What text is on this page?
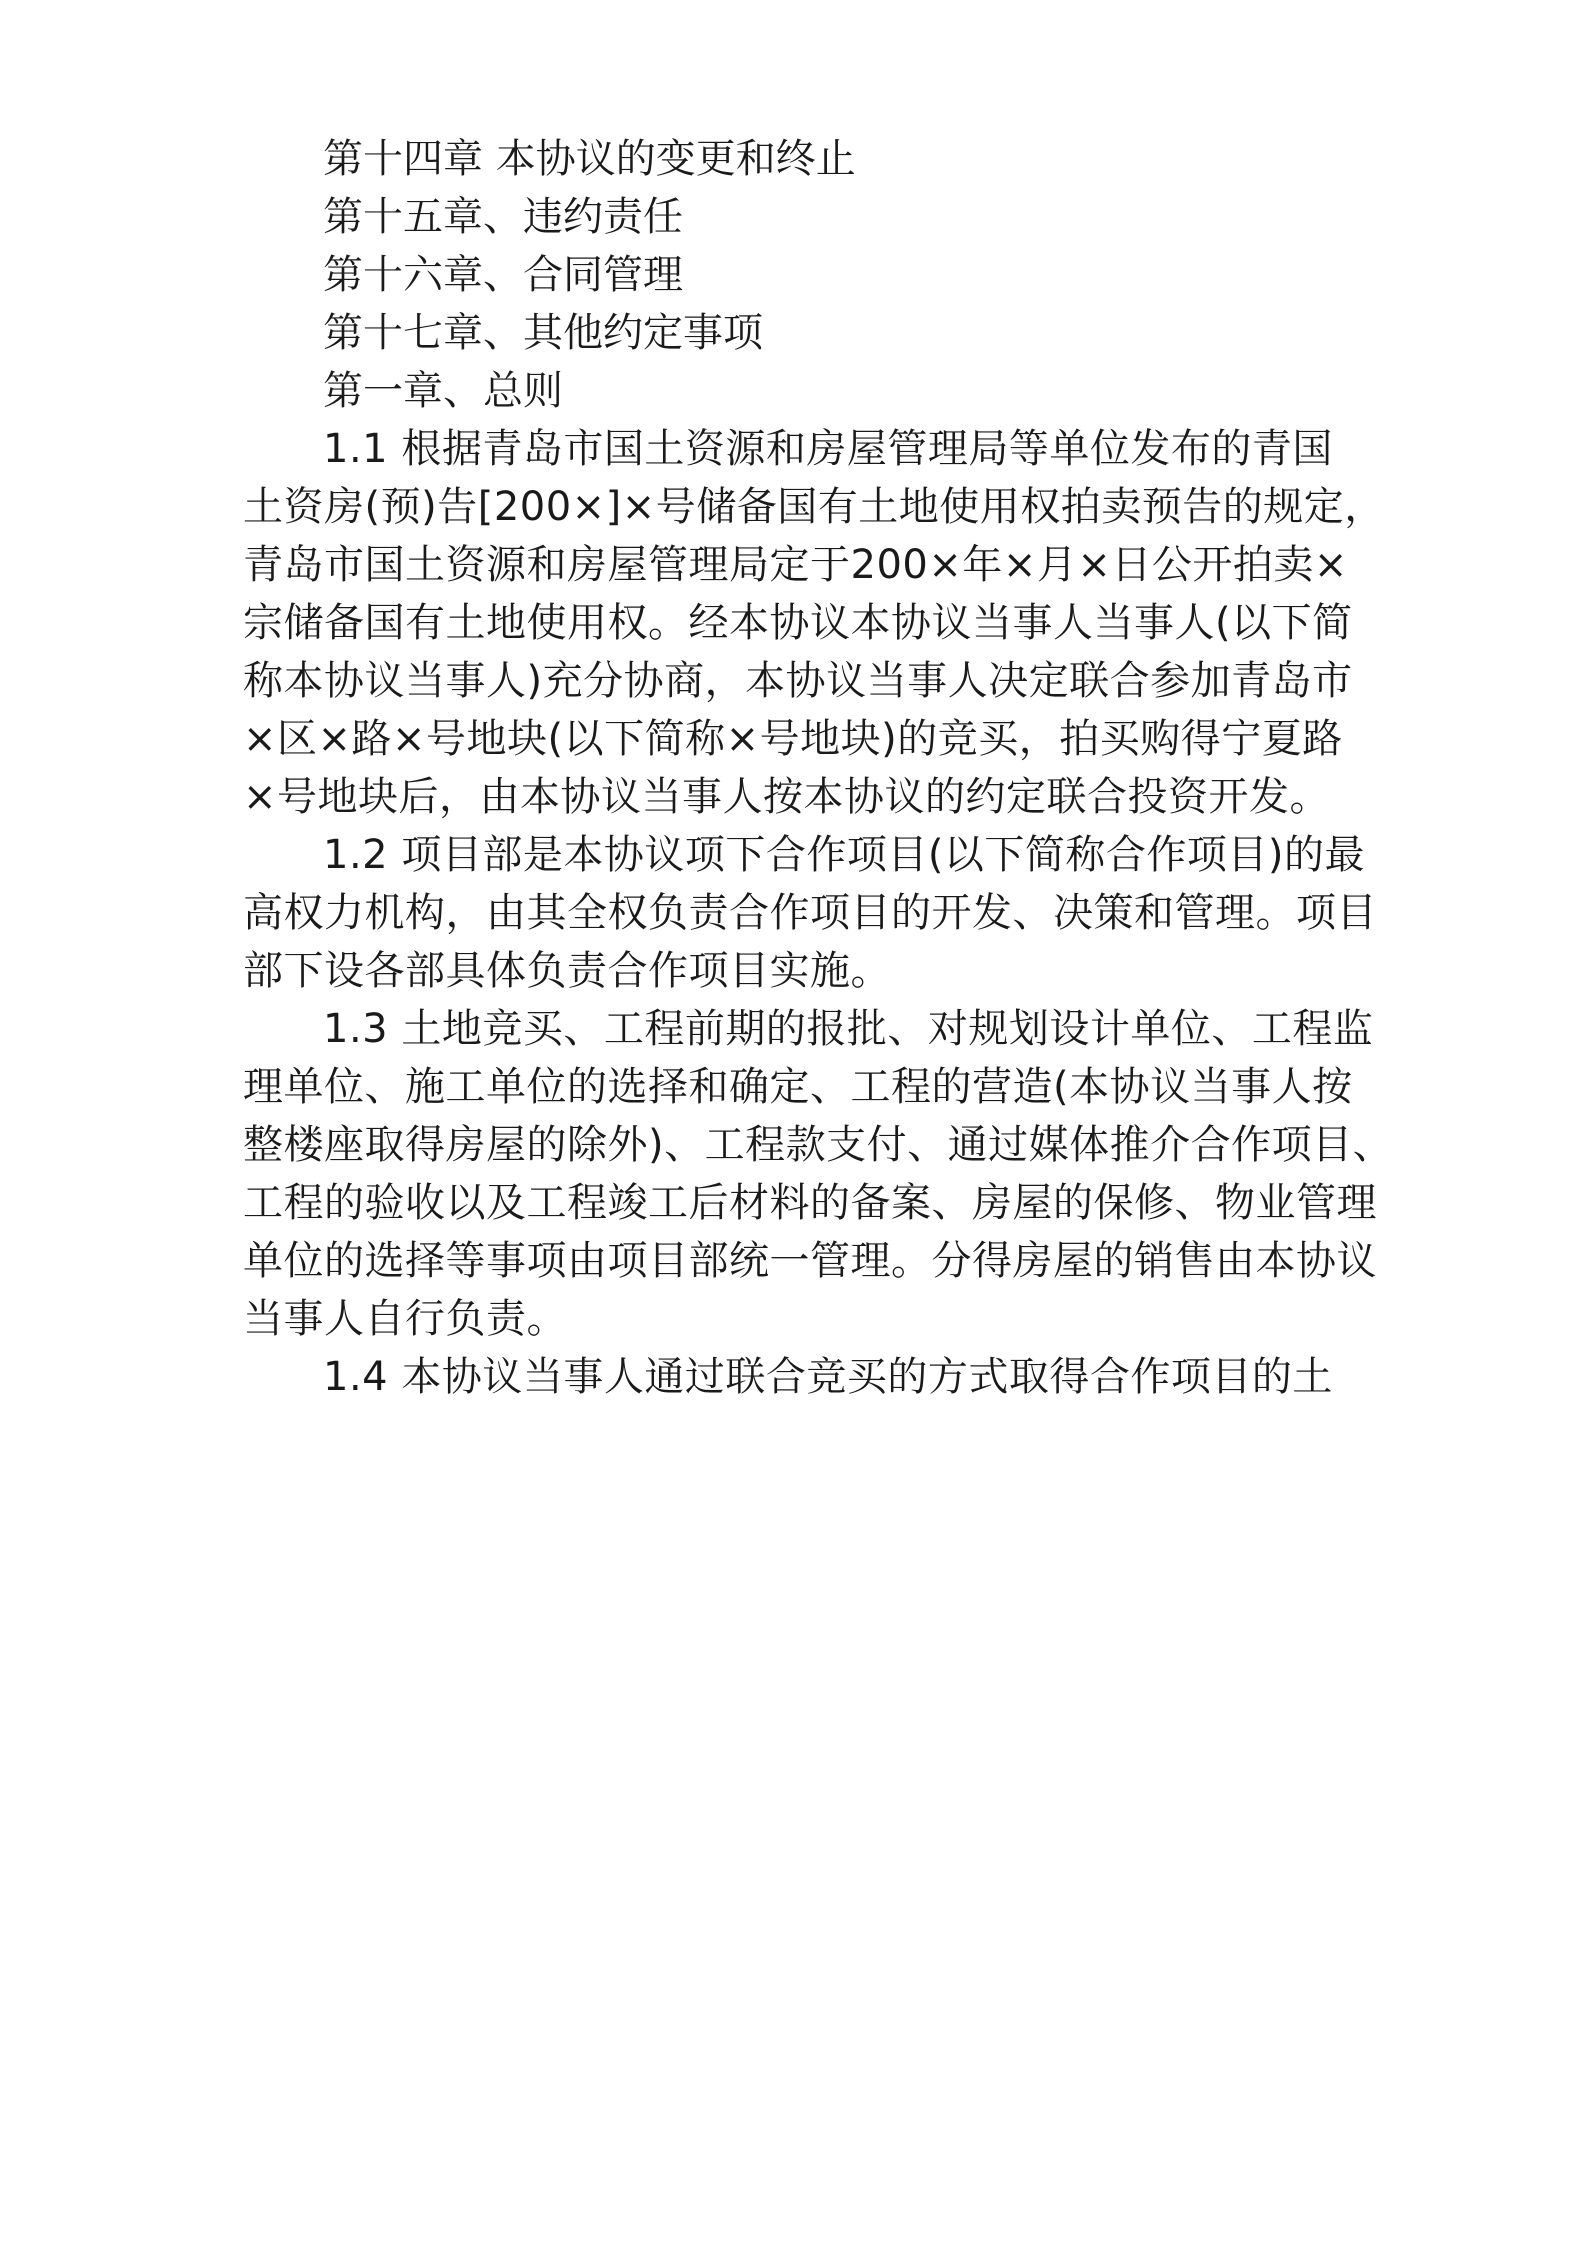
第十四章 本协议的变更和终止
第十五章、违约责任
第十六章、合同管理
第十七章、其他约定事项
第一章、总则
1.1 根据青岛市国土资源和房屋管理局等单位发布的青国
土资房(预)告[200×]×号储备国有土地使用权拍卖预告的规定，
青岛市国土资源和房屋管理局定于200×年×月×日公开拍卖×
宗储备国有土地使用权。经本协议本协议当事人当事人(以下简
称本协议当事人)充分协商，本协议当事人决定联合参加青岛市
×区×路×号地块(以下简称×号地块)的竞买，拍买购得宁夏路
×号地块后，由本协议当事人按本协议的约定联合投资开发。
1.2 项目部是本协议项下合作项目(以下简称合作项目)的最
高权力机构，由其全权负责合作项目的开发、决策和管理。项目
部下设各部具体负责合作项目实施。
1.3 土地竞买、工程前期的报批、对规划设计单位、工程监
理单位、施工单位的选择和确定、工程的营造(本协议当事人按
整楼座取得房屋的除外)、工程款支付、通过媒体推介合作项目、
工程的验收以及工程竣工后材料的备案、房屋的保修、物业管理
单位的选择等事项由项目部统一管理。分得房屋的销售由本协议
当事人自行负责。
1.4 本协议当事人通过联合竞买的方式取得合作项目的土
